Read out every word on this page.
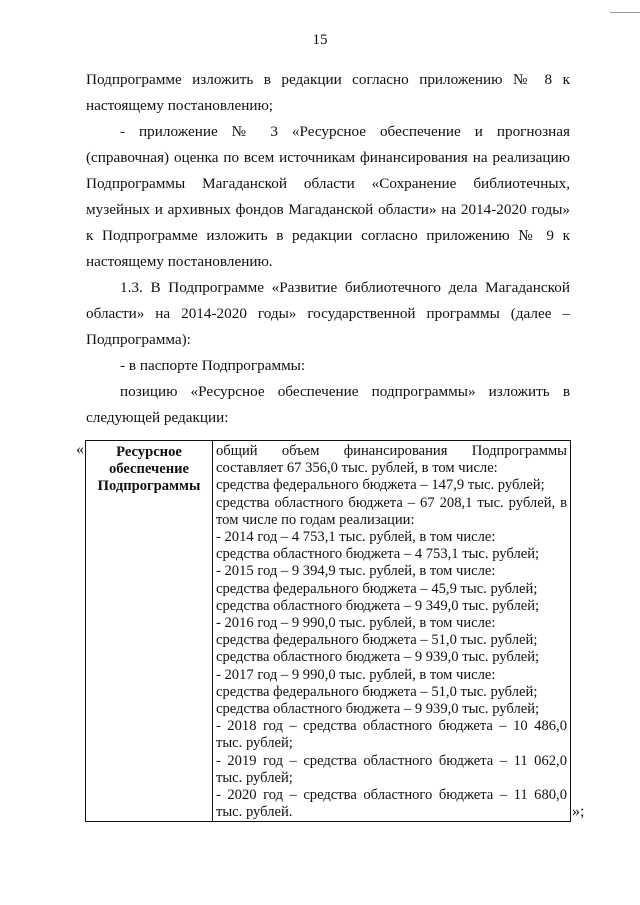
15

Подпрограмме изложить в редакции согласно приложению № 8 к настоящему постановлению;

- приложение № 3 «Ресурсное обеспечение и прогнозная (справочная) оценка по всем источникам финансирования на реализацию Подпрограммы Магаданской области «Сохранение библиотечных, музейных и архивных фондов Магаданской области» на 2014-2020 годы» к Подпрограмме изложить в редакции согласно приложению № 9 к настоящему постановлению.

1.3. В Подпрограмме «Развитие библиотечного дела Магаданской области» на 2014-2020 годы» государственной программы (далее – Подпрограмма):

- в паспорте Подпрограммы:

позицию «Ресурсное обеспечение подпрограммы» изложить в следующей редакции:

«	Ресурсное
обеспечение
Подпрограммы

общий объем финансирования Подпрограммы составляет 67 356,0 тыс. рублей, в том числе:
средства федерального бюджета – 147,9 тыс. рублей;
средства областного бюджета – 67 208,1 тыс. рублей, в том числе по годам реализации:
- 2014 год – 4 753,1 тыс. рублей, в том числе:
средства областного бюджета – 4 753,1 тыс. рублей;
- 2015 год – 9 394,9 тыс. рублей, в том числе:
средства федерального бюджета – 45,9 тыс. рублей;
средства областного бюджета – 9 349,0 тыс. рублей;
- 2016 год – 9 990,0 тыс. рублей, в том числе:
средства федерального бюджета – 51,0 тыс. рублей;
средства областного бюджета – 9 939,0 тыс. рублей;
- 2017 год – 9 990,0 тыс. рублей, в том числе:
средства федерального бюджета – 51,0 тыс. рублей;
средства областного бюджета – 9 939,0 тыс. рублей;
- 2018 год – средства областного бюджета – 10 486,0 тыс. рублей;
- 2019 год – средства областного бюджета – 11 062,0 тыс. рублей;
- 2020 год – средства областного бюджета – 11 680,0 тыс. рублей.	»;
